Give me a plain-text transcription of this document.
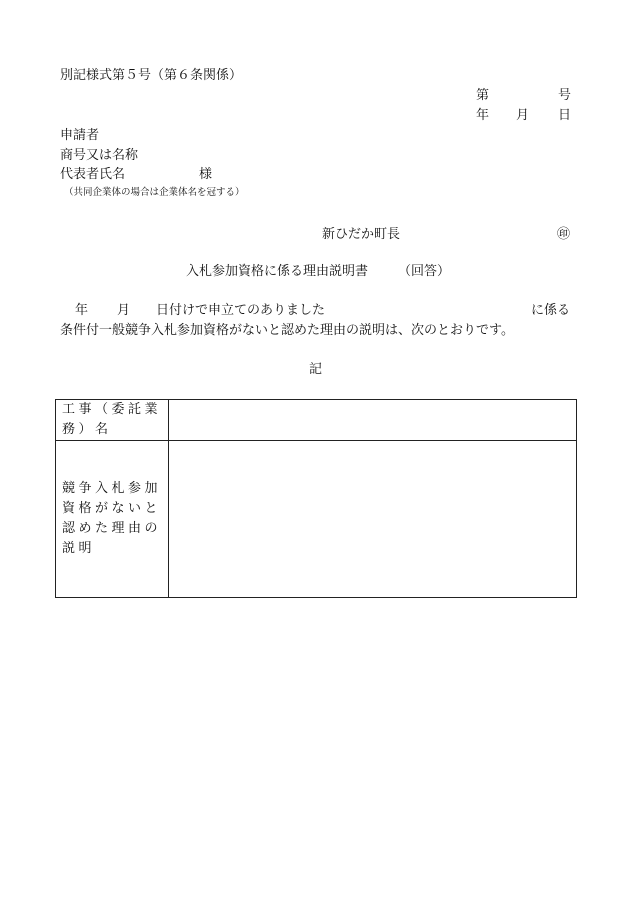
別記様式第５号（第６条関係）
第	号
年 月 日
申請者
商号又は名称
代表者氏名	様
（共同企業体の場合は企業体名を冠する）
新ひだか町長	㊞
入札参加資格に係る理由説明書 （回答）
年 月 日付けで申立てのありました	に係る
条件付一般競争入札参加資格がないと認めた理由の説明は、次のとおりです。
記
工事（委託業務）名	
競争入札参加資格がないと認めた理由の説明	
